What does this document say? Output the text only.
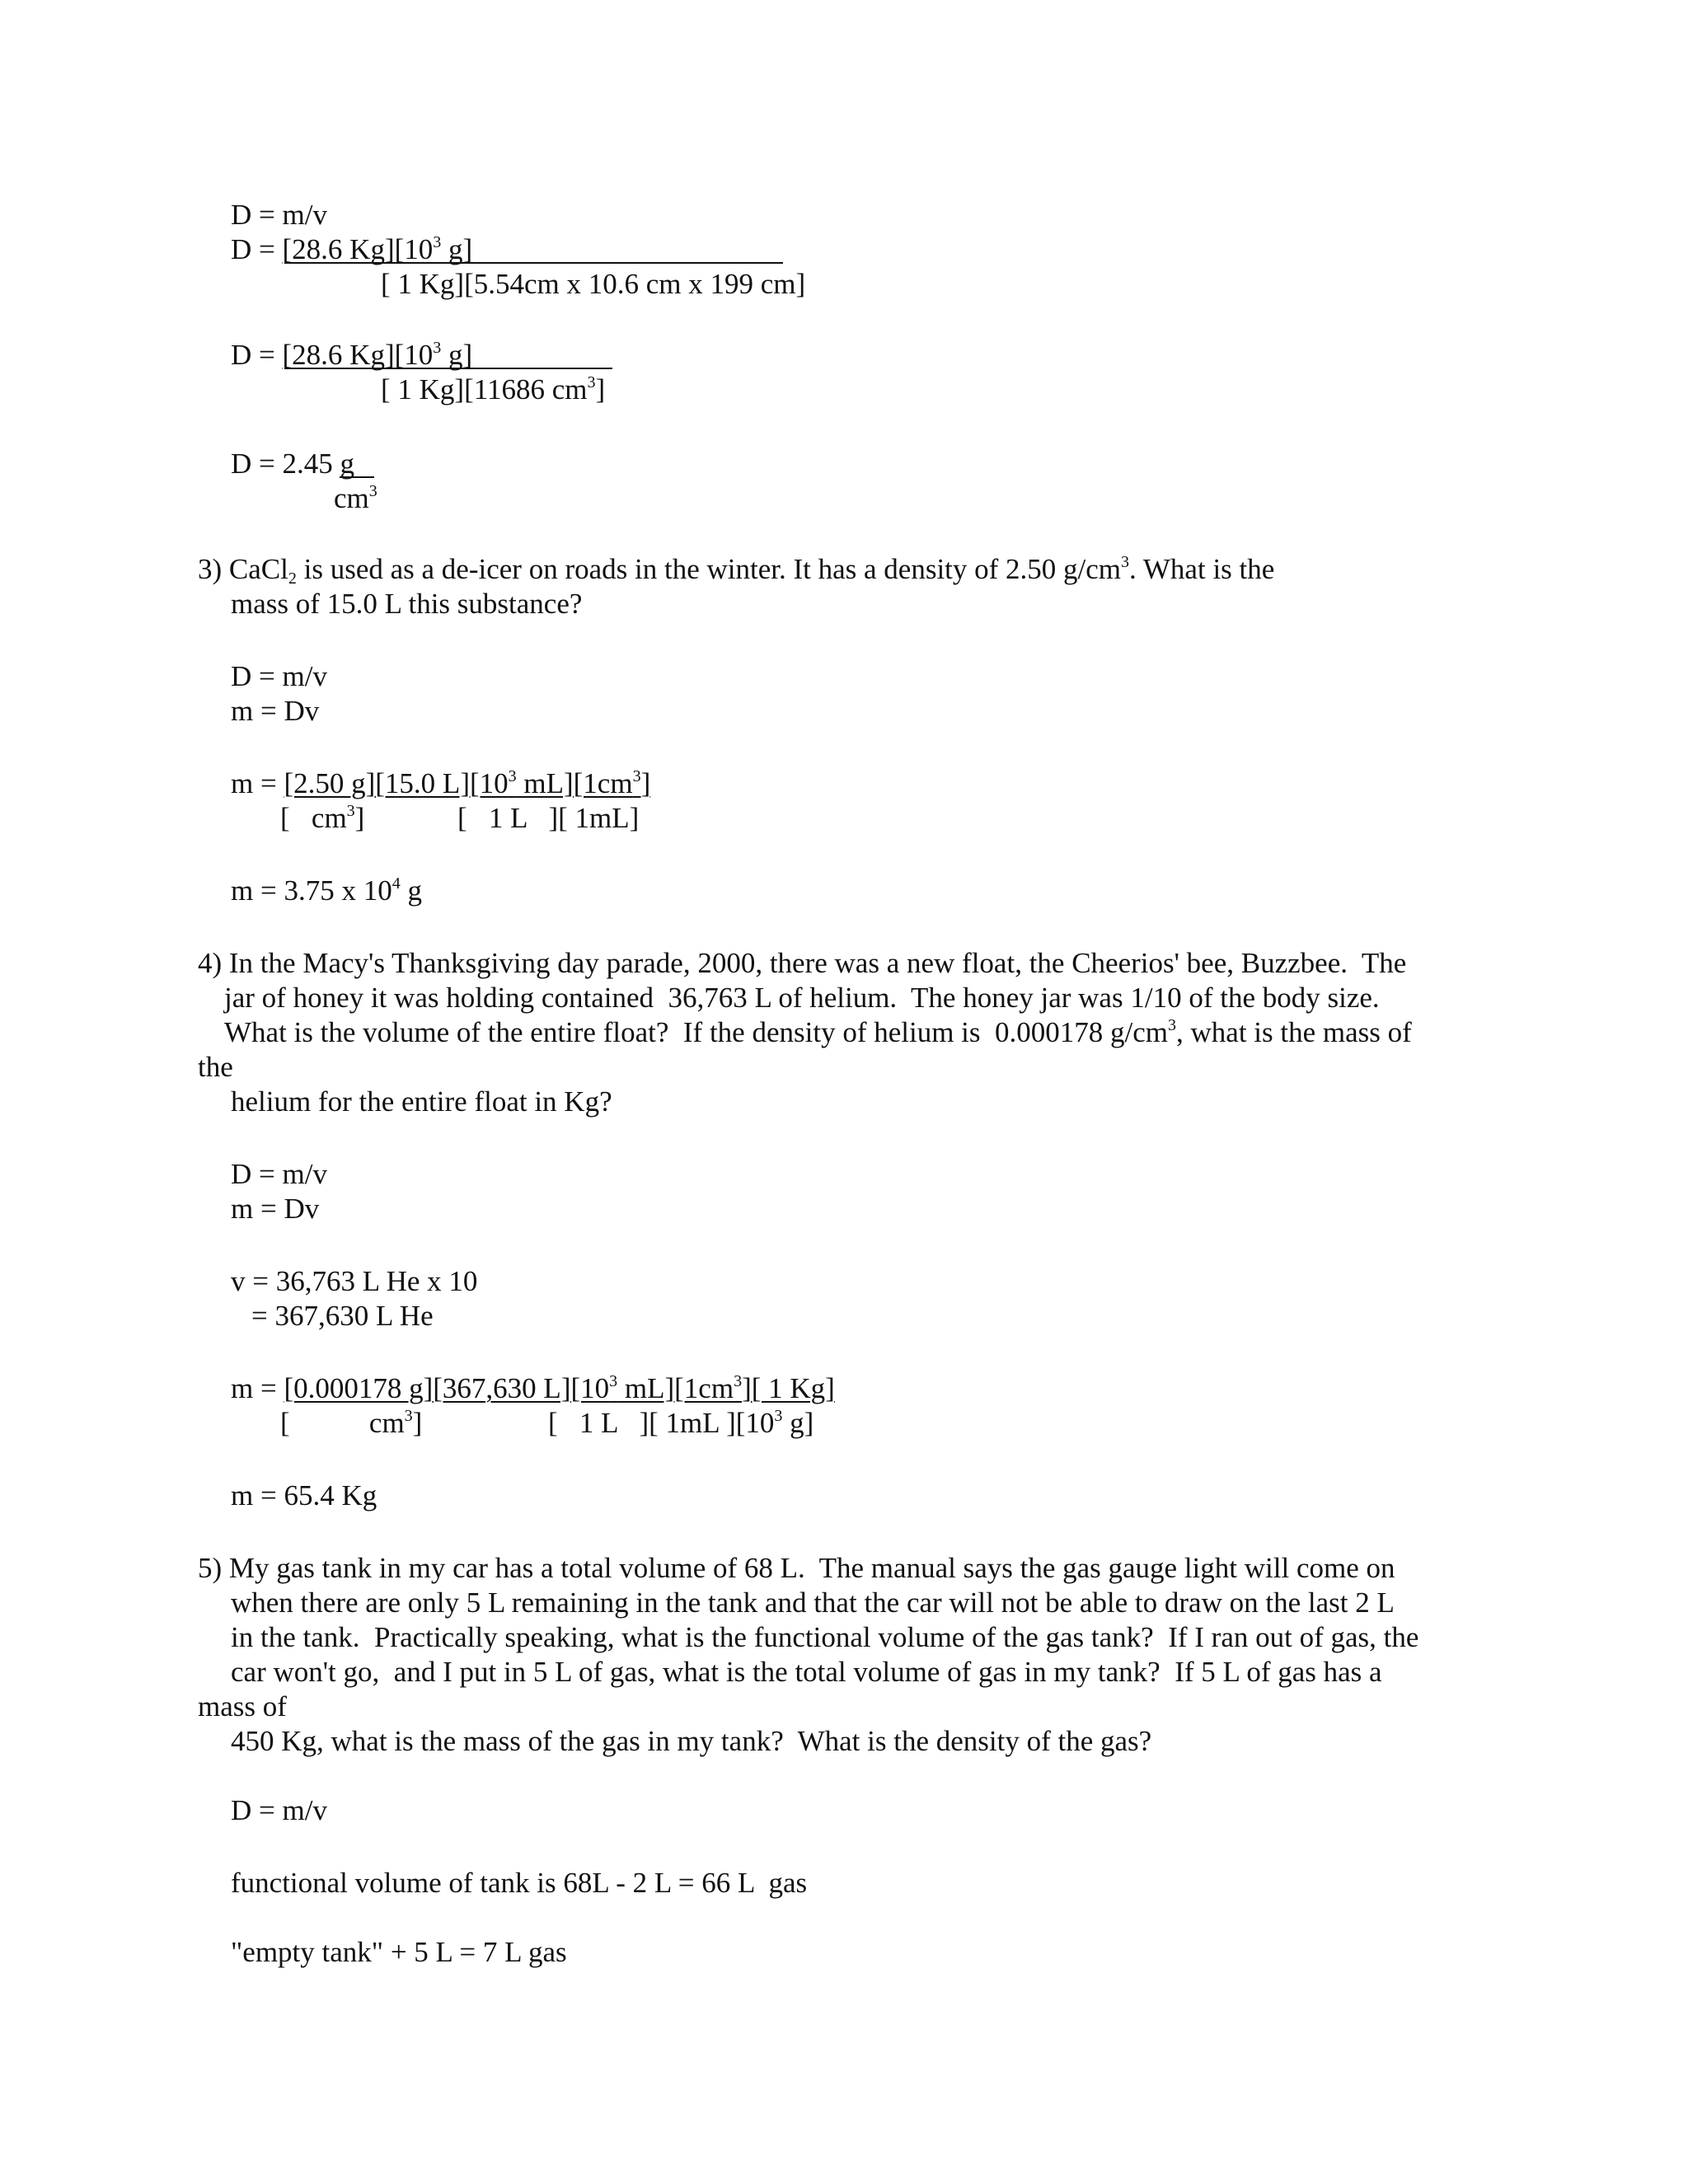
D = m/v
D = [28.6 $Kg][10^3$ g]
[ 1 Kg][5.54cm x 10.6 cm x 199 cm]
D = [28.6 $Kg][10^3$ g]
[ 1 Kg][11686 $cm^3$]
D = 2.45 g
$cm^3$
3) CaCl$_2$ is used as a de-icer on roads in the winter. It has a density of 2.50 $g/cm^3$. What is the
mass of 15.0 L this substance?
D = m/v
m = Dv
m = [2.50 g][15.0 $L][10^3$ $mL][1cm^3]$
[   $cm^3$]	[   1 L   ][ 1mL]
m = 3.75 x $10^4$ g
4) In the Macy's Thanksgiving day parade, 2000, there was a new float, the Cheerios' bee, Buzzbee.  The
jar of honey it was holding contained  36,763 L of helium.  The honey jar was 1/10 of the body size.
What is the volume of the entire float?  If the density of helium is  0.000178 $g/cm^3$, what is the mass of
the
helium for the entire float in Kg?
D = m/v
m = Dv
v = 36,763 L He x 10
= 367,630 L He
m = [0.000178 g][367,630 $L][10^3$ $mL][1cm^3]$[ 1 Kg]
[           $cm^3$]	[   1 L   ][ 1mL ][$10^3$ g]
m = 65.4 Kg
5) My gas tank in my car has a total volume of 68 L.  The manual says the gas gauge light will come on
when there are only 5 L remaining in the tank and that the car will not be able to draw on the last 2 L
in the tank.  Practically speaking, what is the functional volume of the gas tank?  If I ran out of gas, the
car won't go,  and I put in 5 L of gas, what is the total volume of gas in my tank?  If 5 L of gas has a
mass of
450 Kg, what is the mass of the gas in my tank?  What is the density of the gas?
D = m/v
functional volume of tank is 68L - 2 L = 66 L  gas
"empty tank" + 5 L = 7 L gas
